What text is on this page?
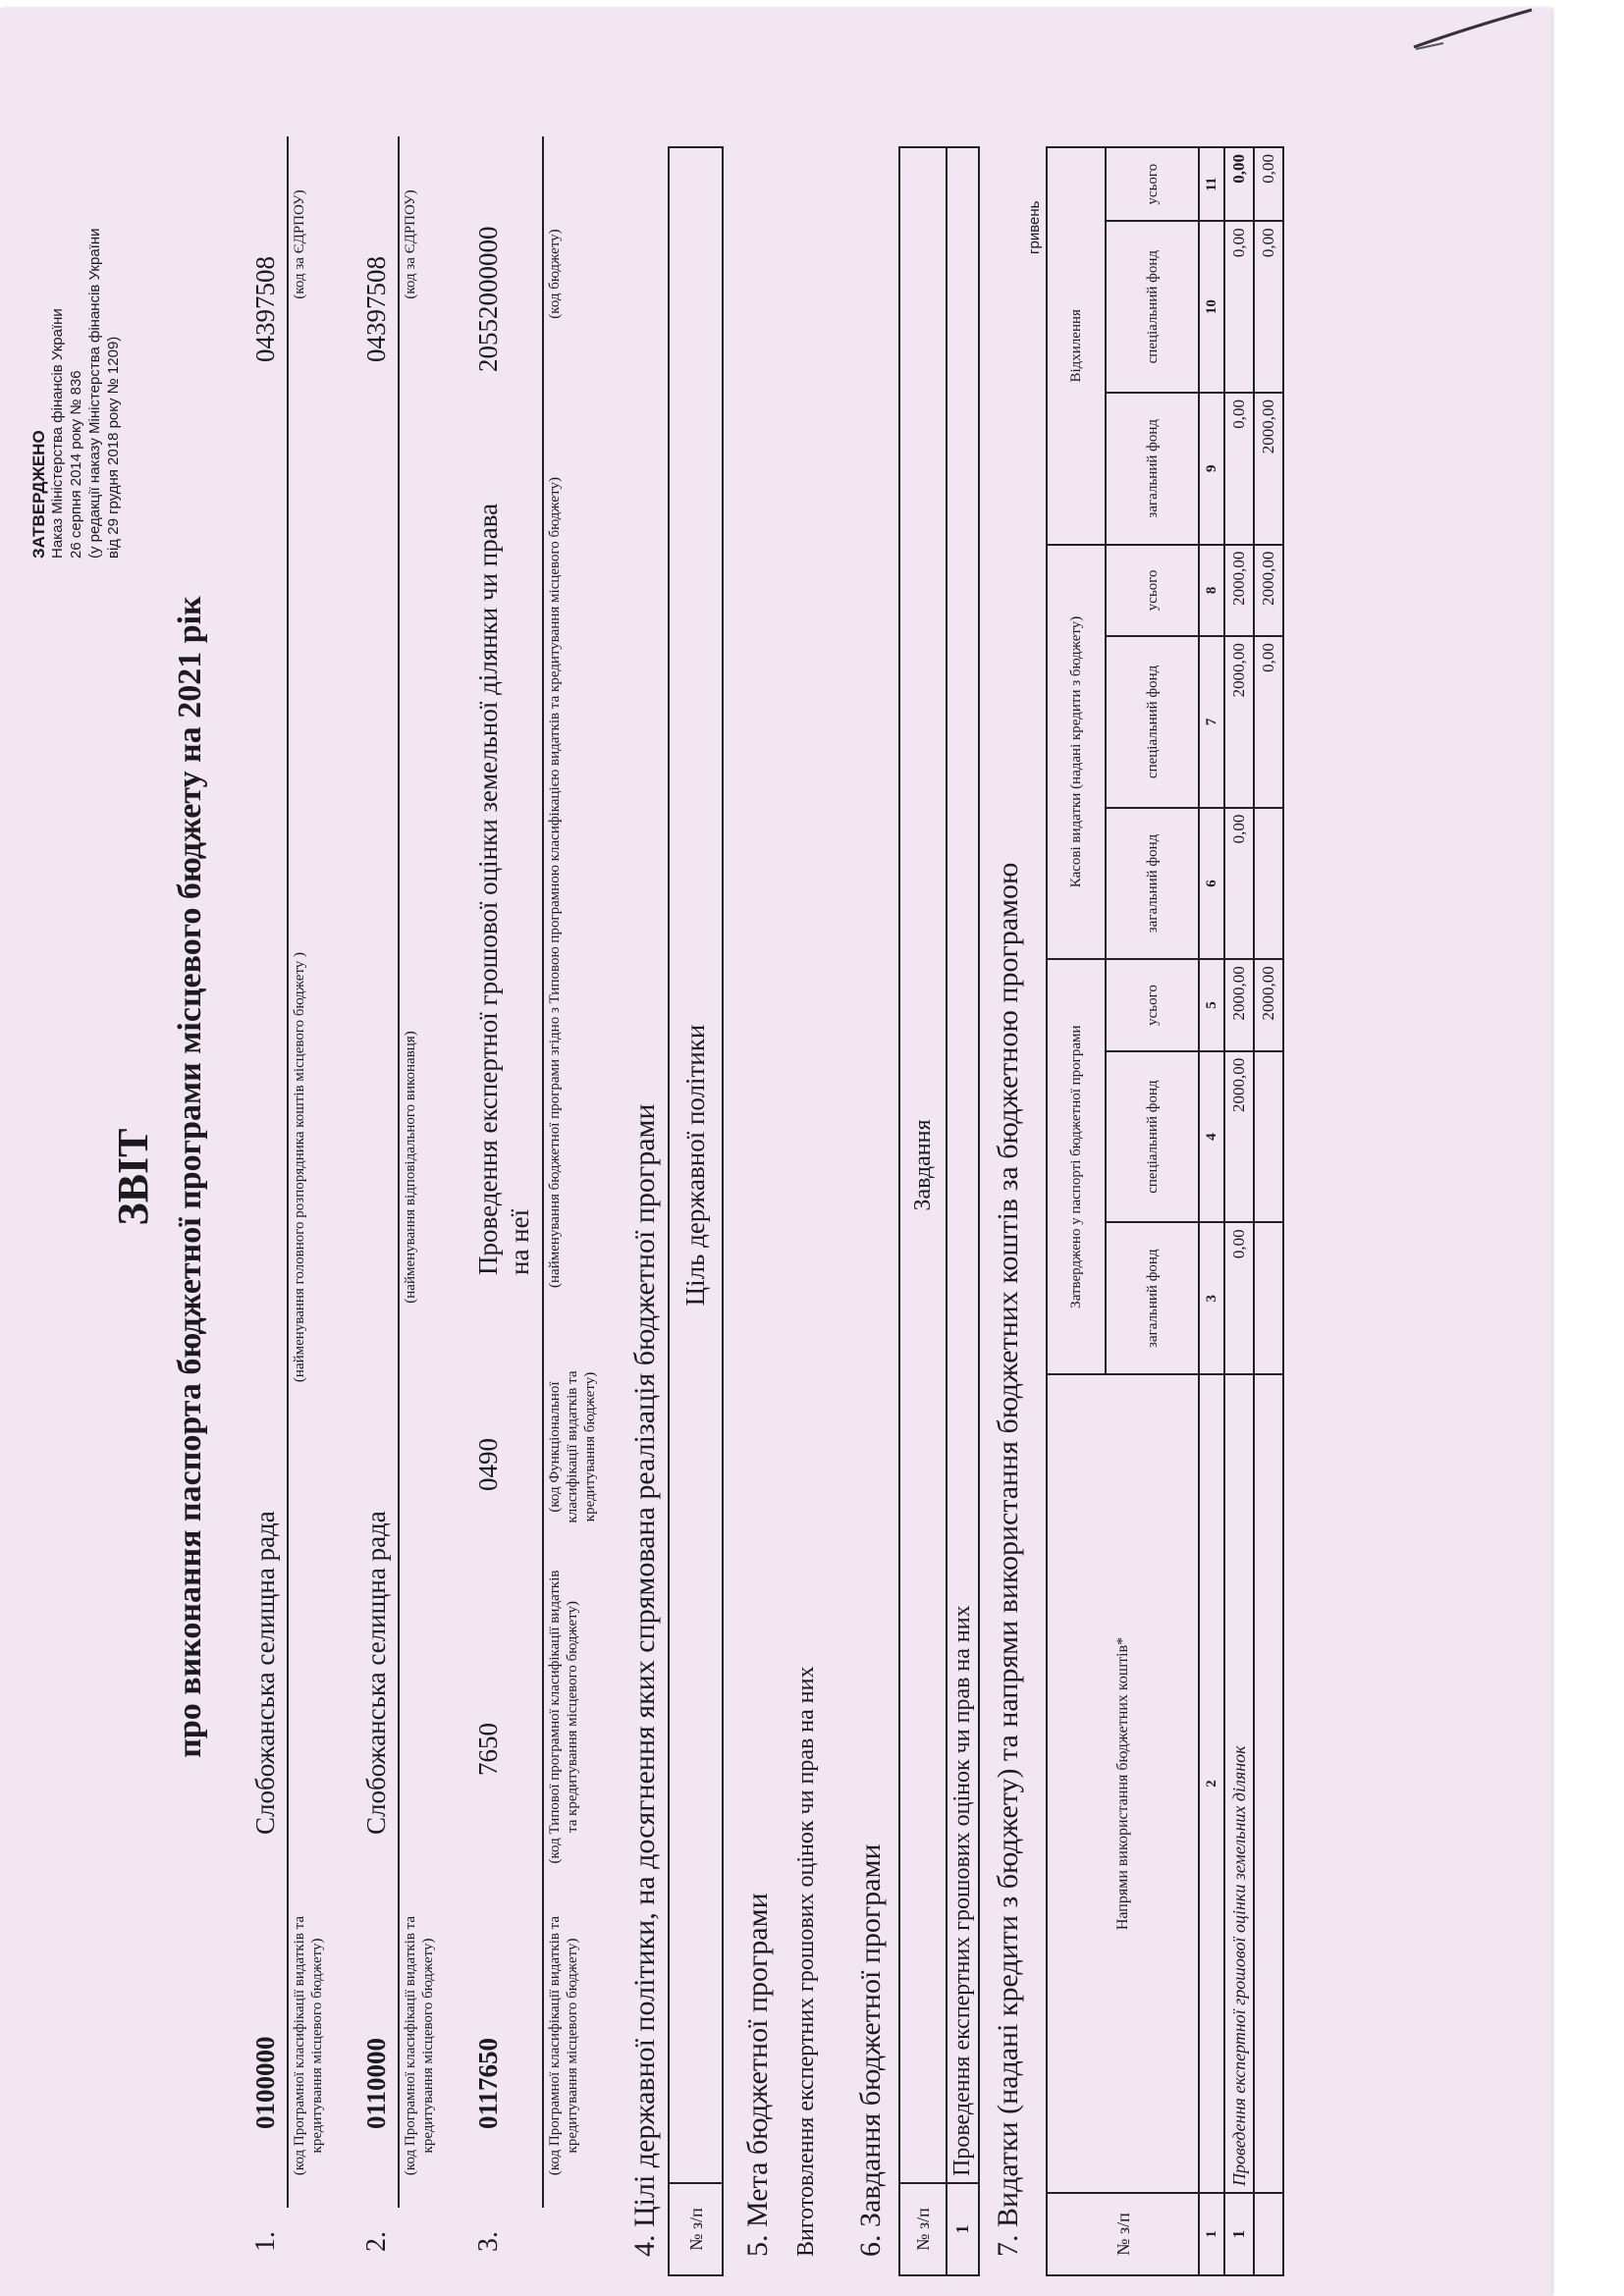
ЗАТВЕРДЖЕНО Наказ Міністерства фінансів України 26 серпня 2014 року № 836 (у редакції наказу Міністерства фінансів України від 29 грудня 2018 року № 1209)
ЗВІТ про виконання паспорта бюджетної програми місцевого бюджету на 2021 рік
1.
0100000
Слобожанська селищна рада
04397508
(код Програмної класифікації видатків та кредитування місцевого бюджету)
(найменування головного розпорядника коштів місцевого бюджету )
(код за ЄДРПОУ)
2.
0110000
Слобожанська селищна рада
04397508
(код Програмної класифікації видатків та кредитування місцевого бюджету)
(найменування відповідального виконавця)
(код за ЄДРПОУ)
3.
0117650
7650
0490
Проведення експертної грошової оцінки земельної ділянки чи права на неї
20552000000
(код Програмної класифікації видатків та кредитування місцевого бюджету)
(код Типової програмної класифікації видатків та кредитування місцевого бюджету)
(код Функціональної класифікації видатків та кредитування бюджету)
(найменування бюджетної програми згідно з Типовою програмною класифікацією видатків та кредитування місцевого бюджету)
(код бюджету)
4. Цілі державної політики, на досягнення яких спрямована реалізація бюджетної програми № з/п	Ціль державної політики
5. Мета бюджетної програми Виготовлення експертних грошових оцінок чи прав на них 6. Завдання бюджетної програми № з/п	Завдання
1	Проведення експертних грошових оцінок чи прав на них 7. Видатки (надані кредити з бюджету) та напрями використання бюджетних коштів за бюджетною програмою
гривень
№ з/п	Напрями використання бюджетних коштів*	Затверджено у паспорті бюджетної програми			Касові видатки (надані кредити з бюджету)			Відхилення		
		загальний фонд	спеціальний фонд	усього	загальний фонд	спеціальний фонд	усього	загальний фонд	спеціальний фонд	усього
1	2	3	4	5	6	7	8	9	10	11
1	Проведення експертної грошової оцінки земельних ділянок	0,00	2000,00	2000,00	0,00	2000,00	2000,00	0,00	0,00	0,00
				2000,00		0,00	2000,00	2000,00	0,00	0,00
